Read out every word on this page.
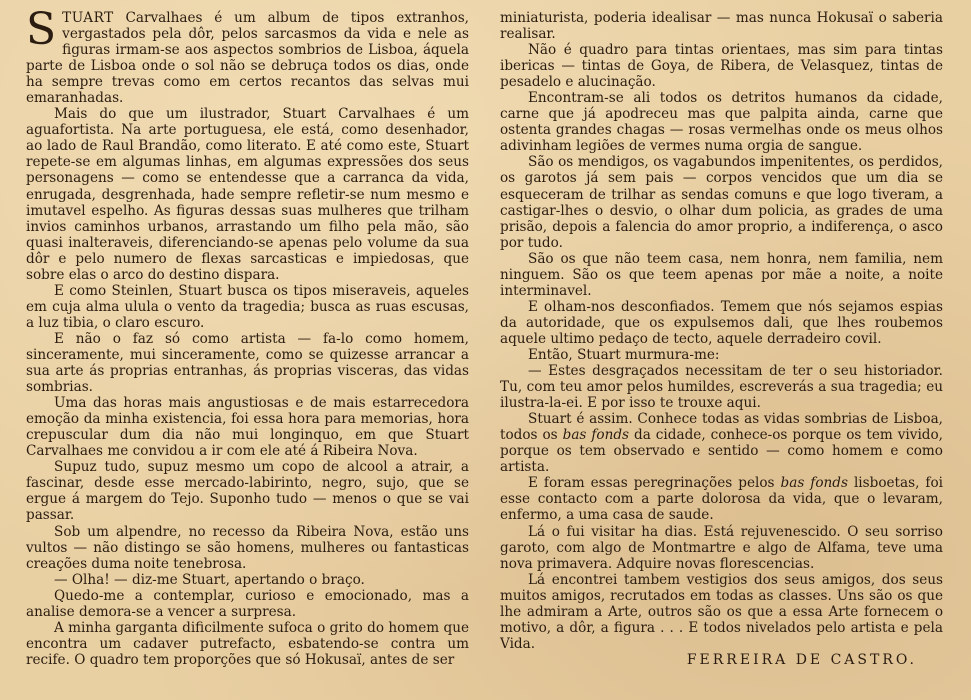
STUART Carvalhaes é um album de tipos extranhos, vergastados pela dôr, pelos sarcasmos da vida e nele as figuras irmam-se aos aspectos sombrios de Lisboa, áquela parte de Lisboa onde o sol não se debruça todos os dias, onde ha sempre trevas como em certos recantos das selvas mui emaranhadas.

Mais do que um ilustrador, Stuart Carvalhaes é um aguafortista. Na arte portuguesa, ele está, como desenhador, ao lado de Raul Brandão, como literato. E até como este, Stuart repete-se em algumas linhas, em algumas expressões dos seus personagens — como se entendesse que a carranca da vida, enrugada, desgrenhada, hade sempre refletir-se num mesmo e imutavel espelho. As figuras dessas suas mulheres que trilham invios caminhos urbanos, arrastando um filho pela mão, são quasi inalteraveis, diferenciando-se apenas pelo volume da sua dôr e pelo numero de flexas sarcasticas e impiedosas, que sobre elas o arco do destino dispara.

E como Steinlen, Stuart busca os tipos miseraveis, aqueles em cuja alma ulula o vento da tragedia; busca as ruas escusas, a luz tibia, o claro escuro.

E não o faz só como artista — fa-lo como homem, sinceramente, mui sinceramente, como se quizesse arrancar a sua arte ás proprias entranhas, ás proprias visceras, das vidas sombrias.

Uma das horas mais angustiosas e de mais estarrecedora emoção da minha existencia, foi essa hora para memorias, hora crepuscular dum dia não mui longinquo, em que Stuart Carvalhaes me convidou a ir com ele até á Ribeira Nova.

Supuz tudo, supuz mesmo um copo de alcool a atrair, a fascinar, desde esse mercado-labirinto, negro, sujo, que se ergue á margem do Tejo. Suponho tudo — menos o que se vai passar.

Sob um alpendre, no recesso da Ribeira Nova, estão uns vultos — não distingo se são homens, mulheres ou fantasticas creações duma noite tenebrosa.

— Olha! — diz-me Stuart, apertando o braço.

Quedo-me a contemplar, curioso e emocionado, mas a analise demora-se a vencer a surpresa.

A minha garganta dificilmente sufoca o grito do homem que encontra um cadaver putrefacto, esbatendo-se contra um recife. O quadro tem proporções que só Hokusaï, antes de ser

miniaturista, poderia idealisar — mas nunca Hokusaï o saberia realisar.

Não é quadro para tintas orientaes, mas sim para tintas ibericas — tintas de Goya, de Ribera, de Velasquez, tintas de pesadelo e alucinação.

Encontram-se ali todos os detritos humanos da cidade, carne que já apodreceu mas que palpita ainda, carne que ostenta grandes chagas — rosas vermelhas onde os meus olhos adivinham legiões de vermes numa orgia de sangue.

São os mendigos, os vagabundos impenitentes, os perdidos, os garotos já sem pais — corpos vencidos que um dia se esqueceram de trilhar as sendas comuns e que logo tiveram, a castigar-lhes o desvio, o olhar dum policia, as grades de uma prisão, depois a falencia do amor proprio, a indiferença, o asco por tudo.

São os que não teem casa, nem honra, nem familia, nem ninguem. São os que teem apenas por mãe a noite, a noite interminavel.

E olham-nos desconfiados. Temem que nós sejamos espias da autoridade, que os expulsemos dali, que lhes roubemos aquele ultimo pedaço de tecto, aquele derradeiro covil.

Então, Stuart murmura-me:

— Estes desgraçados necessitam de ter o seu historiador. Tu, com teu amor pelos humildes, escreverás a sua tragedia; eu ilustra-la-ei. E por isso te trouxe aqui.

Stuart é assim. Conhece todas as vidas sombrias de Lisboa, todos os bas fonds da cidade, conhece-os porque os tem vivido, porque os tem observado e sentido — como homem e como artista.

E foram essas peregrinações pelos bas fonds lisboetas, foi esse contacto com a parte dolorosa da vida, que o levaram, enfermo, a uma casa de saude.

Lá o fui visitar ha dias. Está rejuvenescido. O seu sorriso garoto, com algo de Montmartre e algo de Alfama, teve uma nova primavera. Adquire novas florescencias.

Lá encontrei tambem vestigios dos seus amigos, dos seus muitos amigos, recrutados em todas as classes. Uns são os que lhe admiram a Arte, outros são os que a essa Arte fornecem o motivo, a dôr, a figura . . . E todos nivelados pelo artista e pela Vida.

FERREIRA DE CASTRO.
